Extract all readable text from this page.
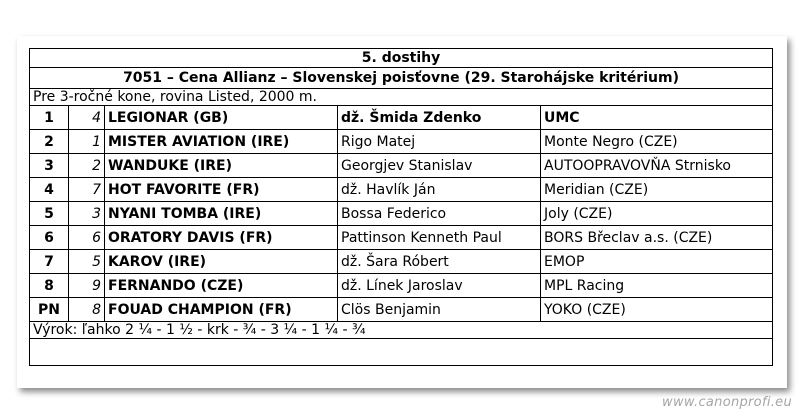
5. dostihy				
7051 – Cena Allianz – Slovenskej poisťovne (29. Starohájske kritérium)				
Pre 3-ročné kone, rovina Listed, 2000 m.				
1	4	LEGIONAR (GB)	dž. Šmida Zdenko	UMC
2	1	MISTER AVIATION (IRE)	Rigo Matej	Monte Negro (CZE)
3	2	WANDUKE (IRE)	Georgjev Stanislav	AUTOOPRAVOVŇA Strnisko
4	7	HOT FAVORITE (FR)	dž. Havlík Ján	Meridian (CZE)
5	3	NYANI TOMBA (IRE)	Bossa Federico	Joly (CZE)
6	6	ORATORY DAVIS (FR)	Pattinson Kenneth Paul	BORS Břeclav a.s. (CZE)
7	5	KAROV (IRE)	dž. Šara Róbert	EMOP
8	9	FERNANDO (CZE)	dž. Línek Jaroslav	MPL Racing
PN	8	FOUAD CHAMPION (FR)	Clös Benjamin	YOKO (CZE)
Výrok: ľahko 2 ¼ - 1 ½ - krk - ¾ - 3 ¼ - 1 ¼ - ¾				

www.canonprofi.eu
